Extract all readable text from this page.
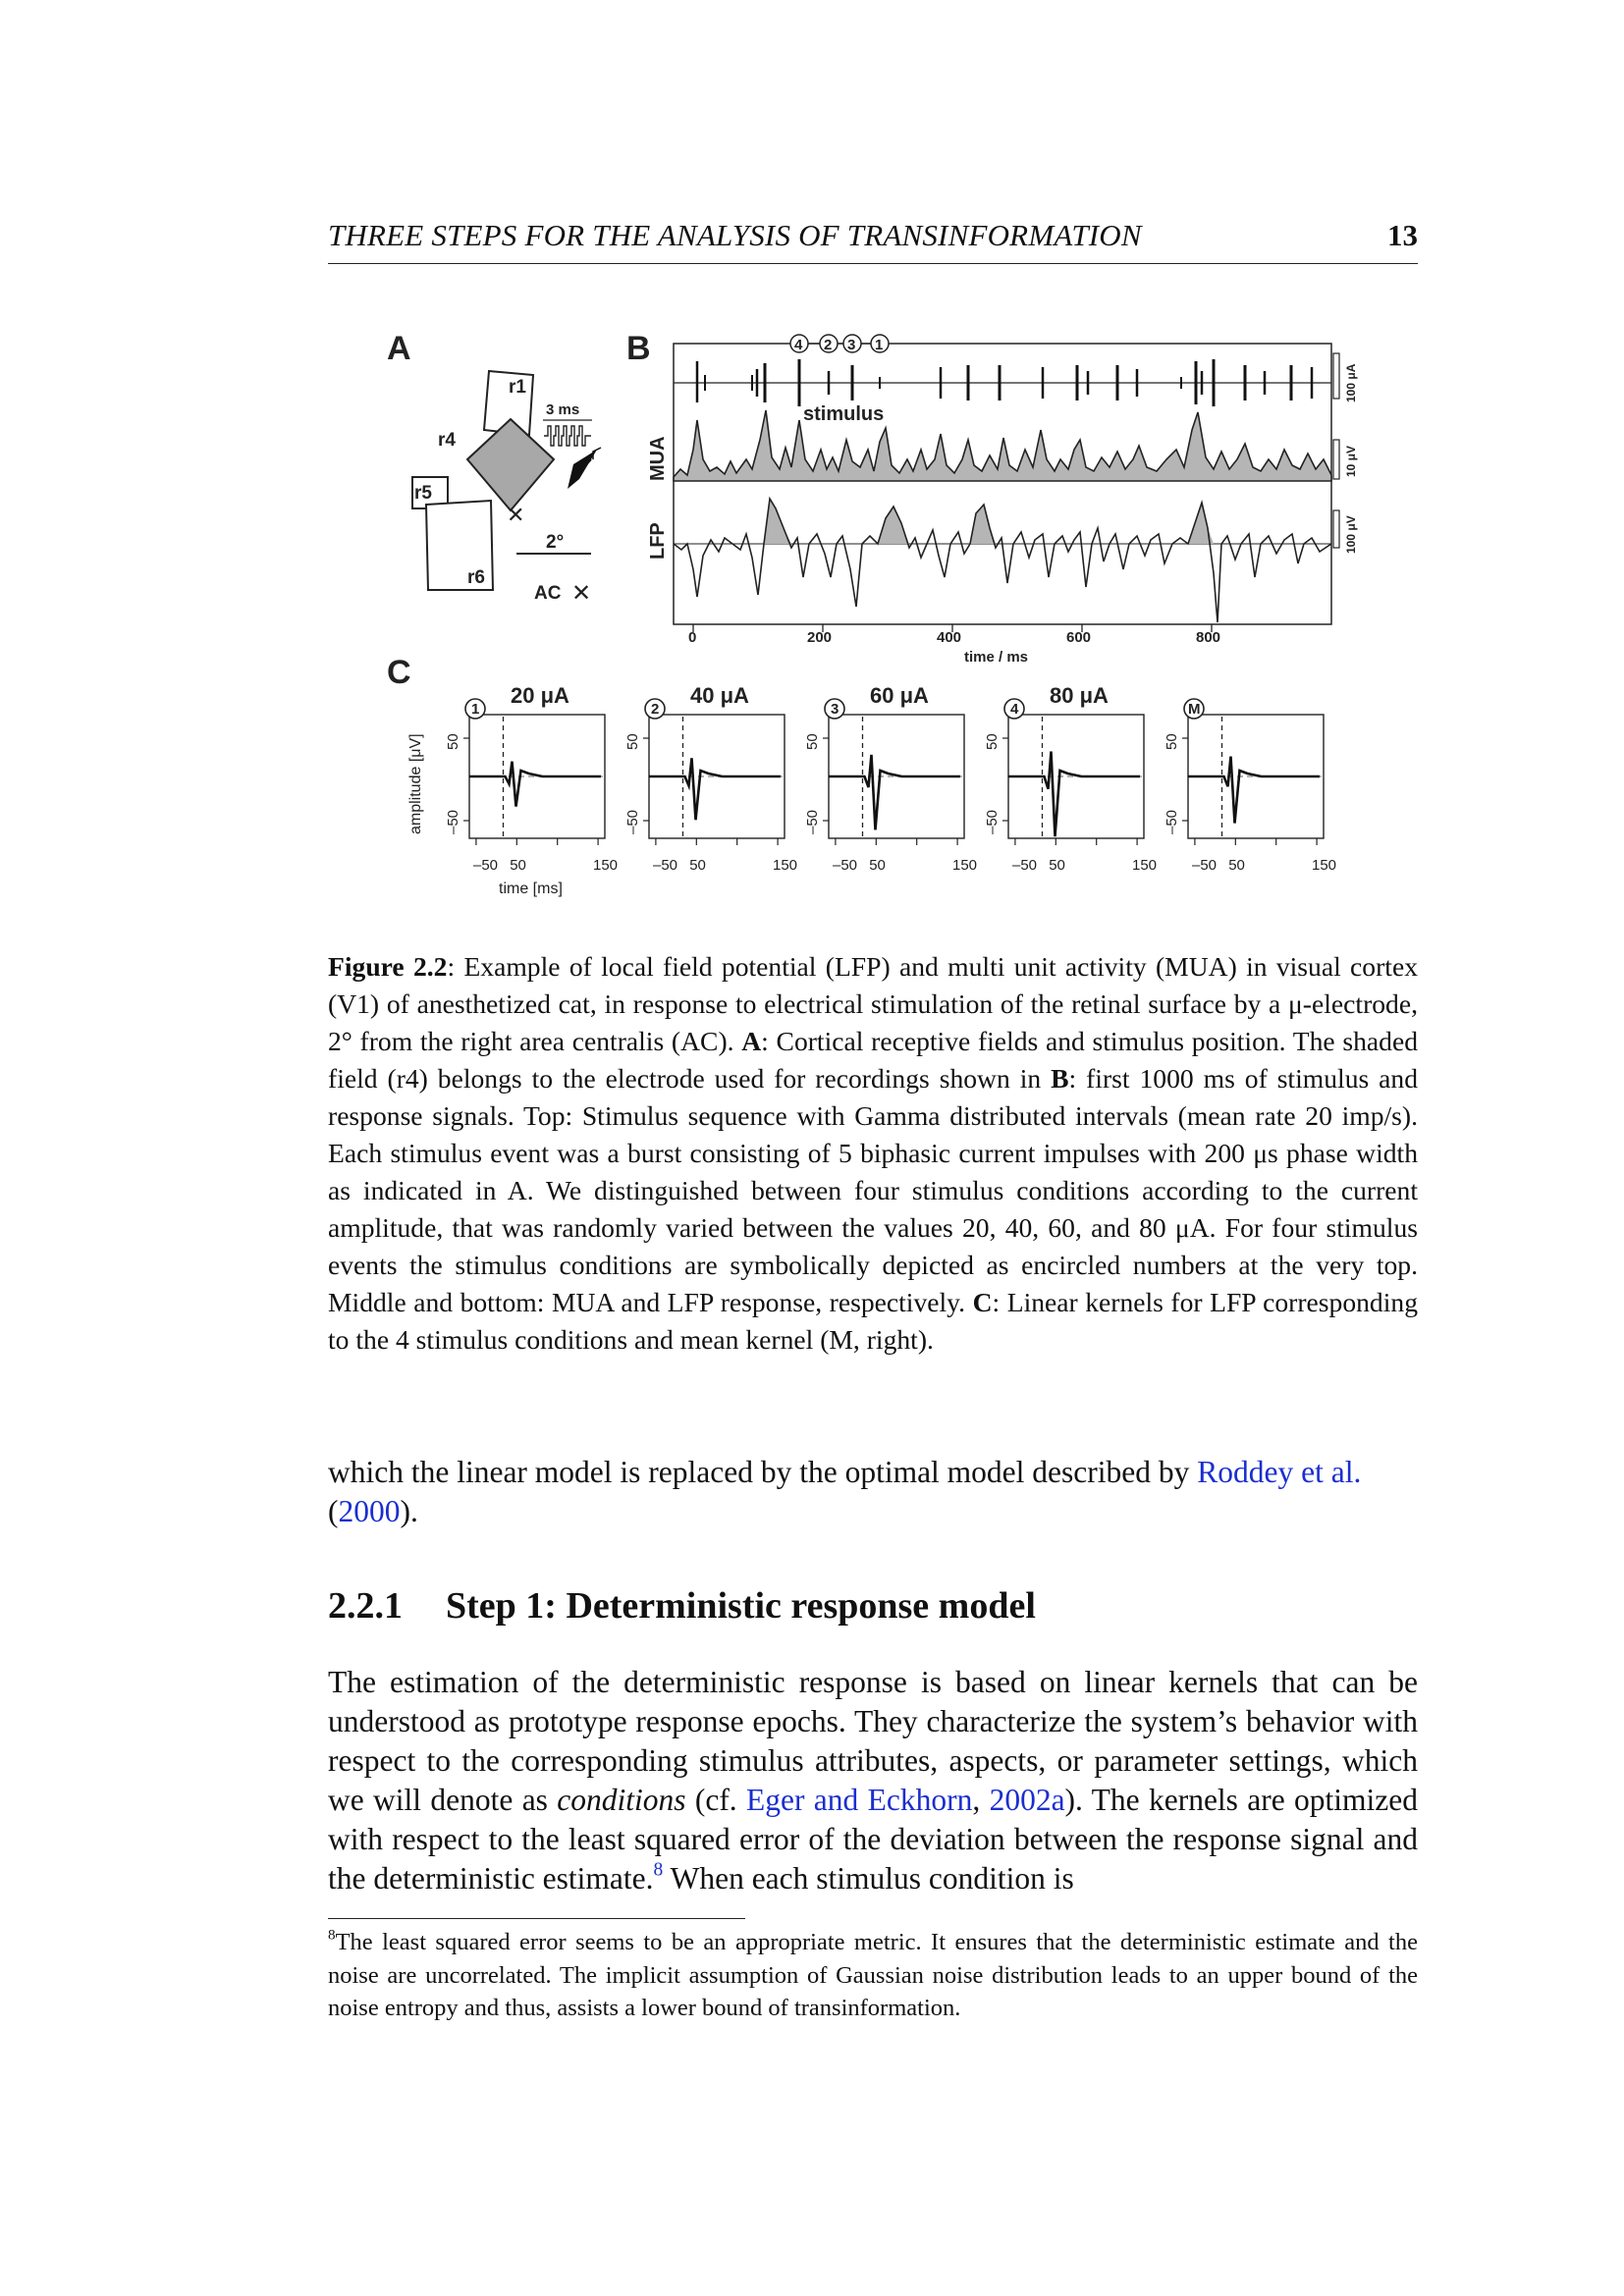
THREE STEPS FOR THE ANALYSIS OF TRANSINFORMATION	13
A
r1
r4
r5
r6
3 ms
✕
2°
AC ✕
B	4 2 3 1
stimulus
MUA
LFP
100 μA
10 μV
100 μV
0	200	400	600	800
time / ms
C
amplitude [μV]
time [ms]
50
–50
–50 50	150
1
20 μA
50
–50
–50 50	150
2
40 μA
50
–50
–50 50	150
3
60 μA
50
–50
–50 50	150
4
80 μA
50
–50
–50 50	150
M
Figure 2.2: Example of local field potential (LFP) and multi unit activity (MUA) in visual cortex (V1) of anesthetized cat, in response to electrical stimulation of the retinal surface by a μ-electrode, 2° from the right area centralis (AC). A: Cortical receptive fields and stimulus position. The shaded field (r4) belongs to the electrode used for recordings shown in B: first 1000 ms of stimulus and response signals. Top: Stimulus sequence with Gamma distributed intervals (mean rate 20 imp/s). Each stimulus event was a burst consisting of 5 biphasic current impulses with 200 μs phase width as indicated in A. We distinguished between four stimulus conditions according to the current amplitude, that was randomly varied between the values 20, 40, 60, and 80 μA. For four stimulus events the stimulus conditions are symbolically depicted as encircled numbers at the very top. Middle and bottom: MUA and LFP response, respectively. C: Linear kernels for LFP corresponding to the 4 stimulus conditions and mean kernel (M, right).
which the linear model is replaced by the optimal model described by Roddey et al.
(2000).
2.2.1 Step 1: Deterministic response model
The estimation of the deterministic response is based on linear kernels that can be understood as prototype response epochs. They characterize the system’s behavior with respect to the corresponding stimulus attributes, aspects, or parameter settings, which we will denote as conditions (cf. Eger and Eckhorn, 2002a). The kernels are optimized with respect to the least squared error of the deviation between the response signal and the deterministic estimate.$^8$ When each stimulus condition is
$^8$The least squared error seems to be an appropriate metric. It ensures that the deterministic estimate and the noise are uncorrelated. The implicit assumption of Gaussian noise distribution leads to an upper bound of the noise entropy and thus, assists a lower bound of transinformation.
